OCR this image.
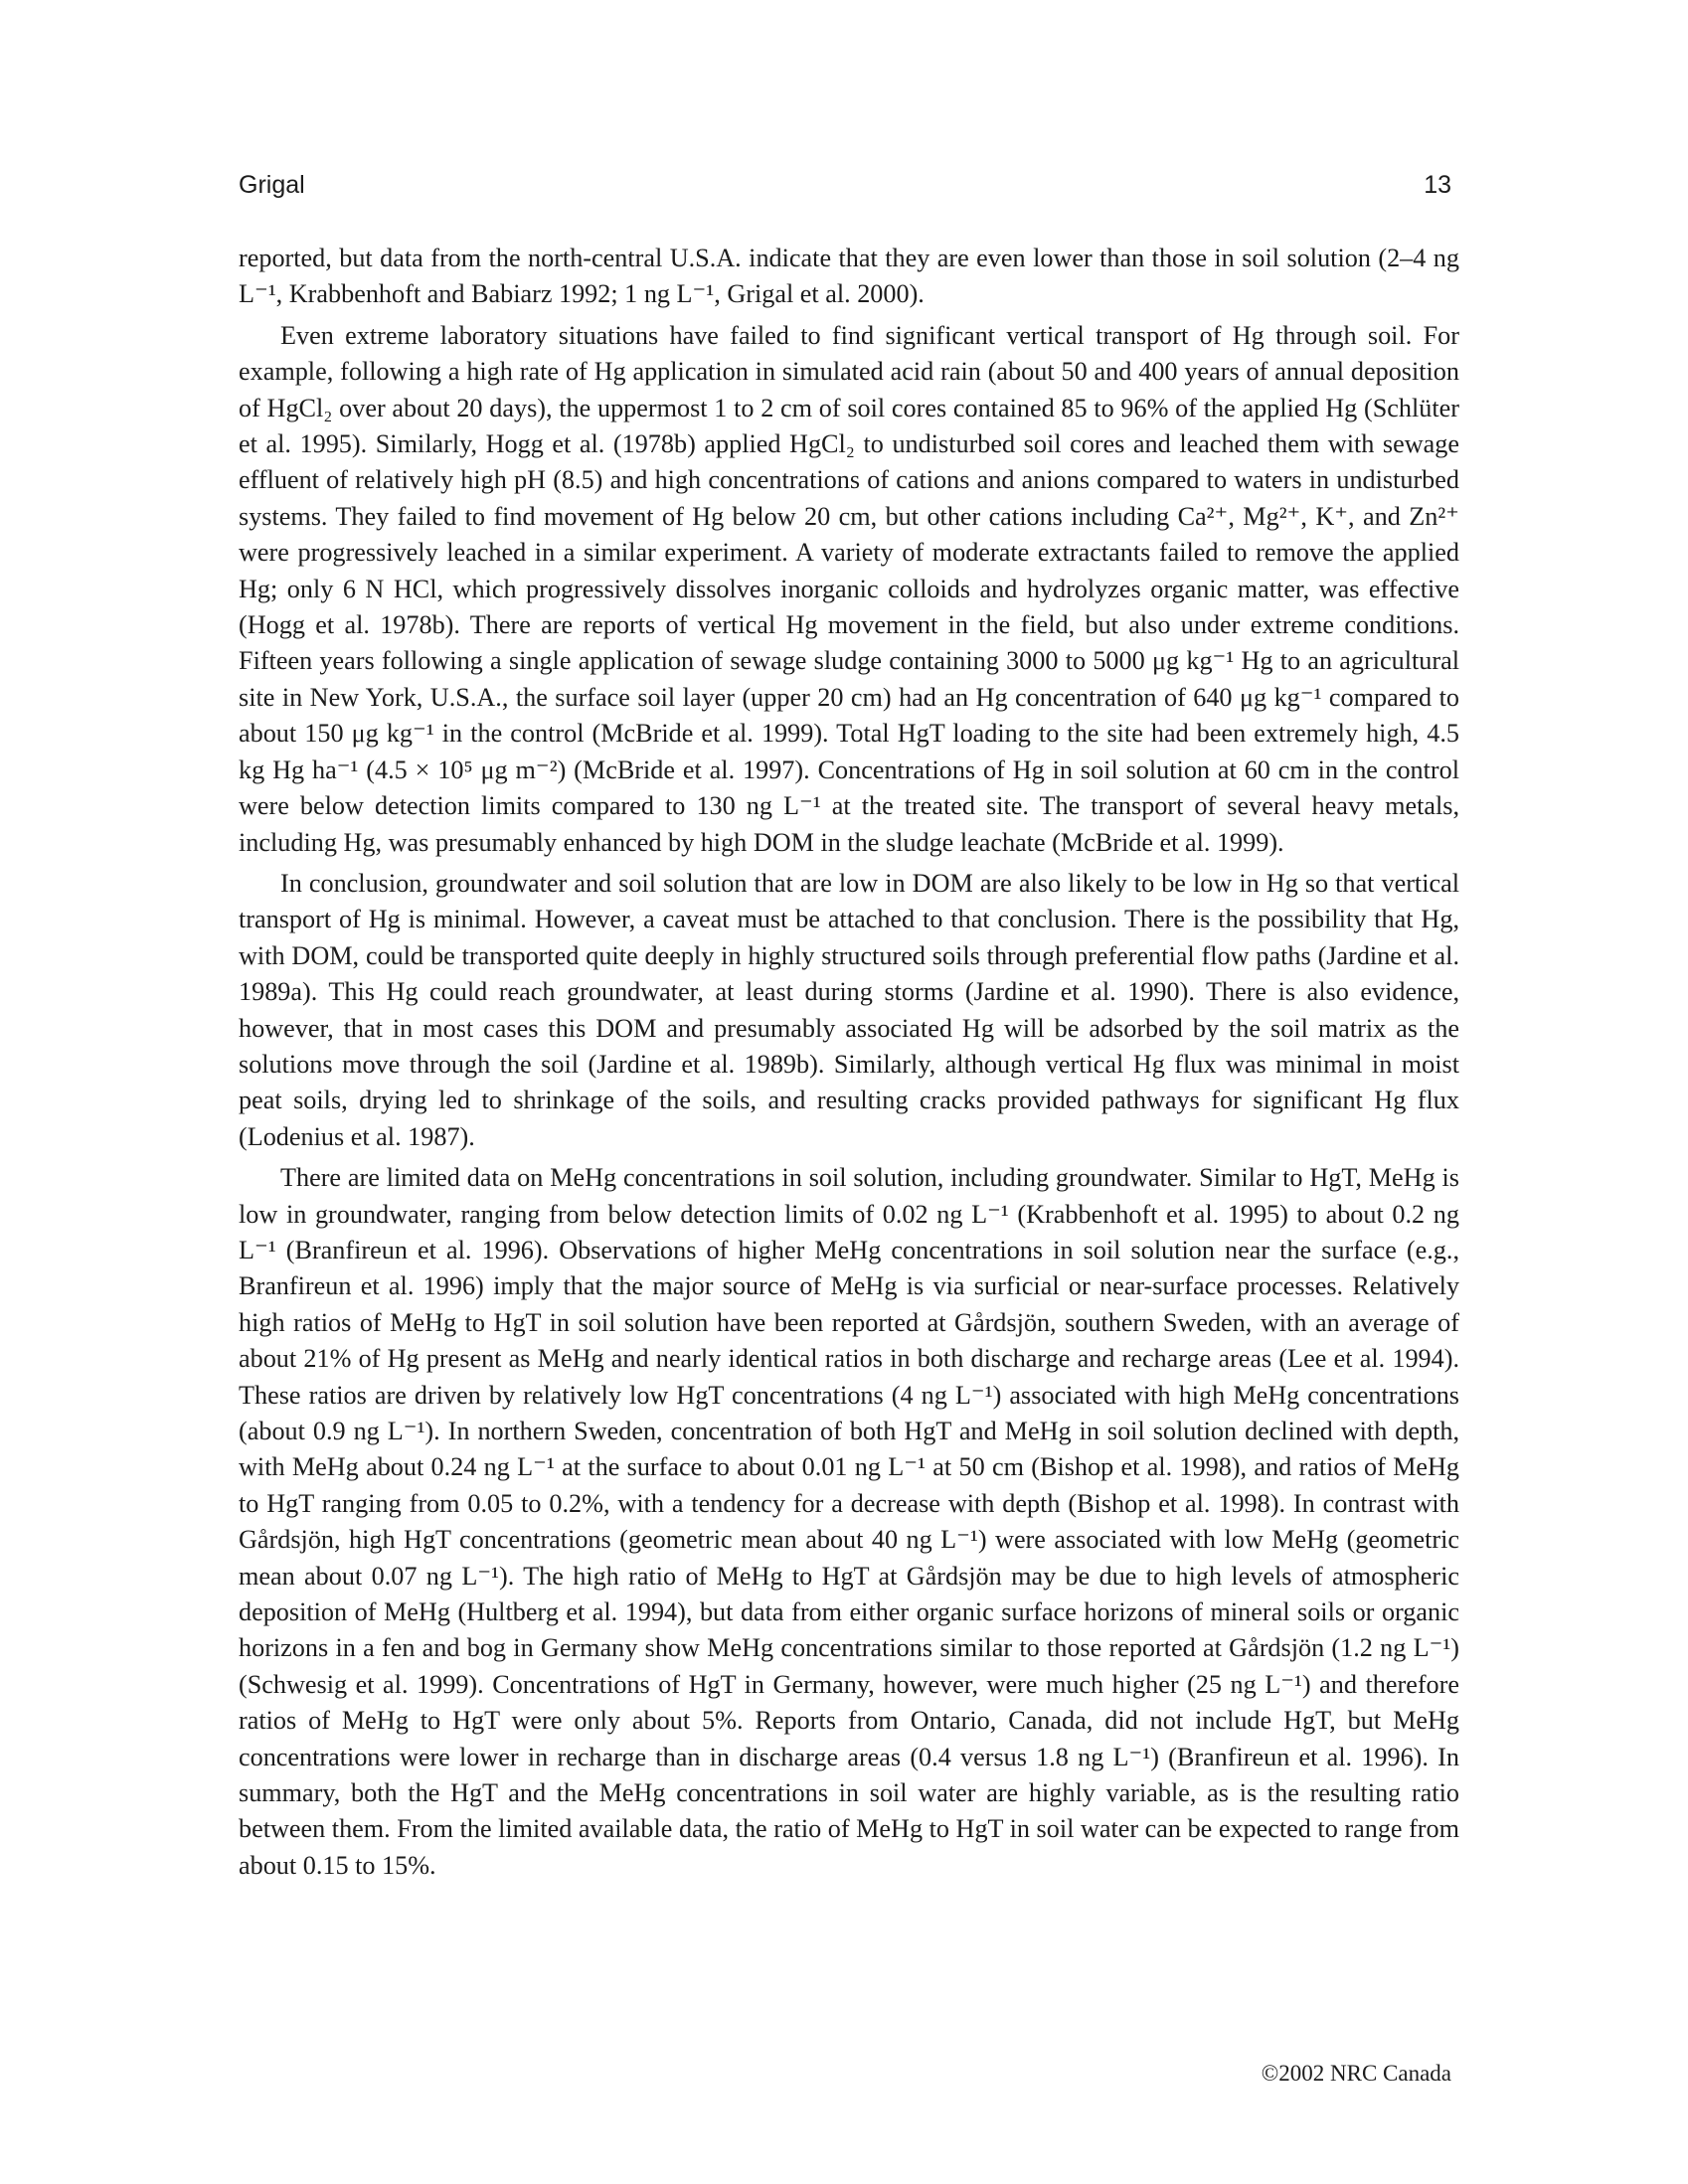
Grigal	13

reported, but data from the north-central U.S.A. indicate that they are even lower than those in soil solution (2–4 ng L⁻¹, Krabbenhoft and Babiarz 1992; 1 ng L⁻¹, Grigal et al. 2000).

Even extreme laboratory situations have failed to find significant vertical transport of Hg through soil. For example, following a high rate of Hg application in simulated acid rain (about 50 and 400 years of annual deposition of HgCl₂ over about 20 days), the uppermost 1 to 2 cm of soil cores contained 85 to 96% of the applied Hg (Schlüter et al. 1995). Similarly, Hogg et al. (1978b) applied HgCl₂ to undisturbed soil cores and leached them with sewage effluent of relatively high pH (8.5) and high concentrations of cations and anions compared to waters in undisturbed systems. They failed to find movement of Hg below 20 cm, but other cations including Ca²⁺, Mg²⁺, K⁺, and Zn²⁺ were progressively leached in a similar experiment. A variety of moderate extractants failed to remove the applied Hg; only 6 N HCl, which progressively dissolves inorganic colloids and hydrolyzes organic matter, was effective (Hogg et al. 1978b). There are reports of vertical Hg movement in the field, but also under extreme conditions. Fifteen years following a single application of sewage sludge containing 3000 to 5000 μg kg⁻¹ Hg to an agricultural site in New York, U.S.A., the surface soil layer (upper 20 cm) had an Hg concentration of 640 μg kg⁻¹ compared to about 150 μg kg⁻¹ in the control (McBride et al. 1999). Total HgT loading to the site had been extremely high, 4.5 kg Hg ha⁻¹ (4.5 × 10⁵ μg m⁻²) (McBride et al. 1997). Concentrations of Hg in soil solution at 60 cm in the control were below detection limits compared to 130 ng L⁻¹ at the treated site. The transport of several heavy metals, including Hg, was presumably enhanced by high DOM in the sludge leachate (McBride et al. 1999).

In conclusion, groundwater and soil solution that are low in DOM are also likely to be low in Hg so that vertical transport of Hg is minimal. However, a caveat must be attached to that conclusion. There is the possibility that Hg, with DOM, could be transported quite deeply in highly structured soils through preferential flow paths (Jardine et al. 1989a). This Hg could reach groundwater, at least during storms (Jardine et al. 1990). There is also evidence, however, that in most cases this DOM and presumably associated Hg will be adsorbed by the soil matrix as the solutions move through the soil (Jardine et al. 1989b). Similarly, although vertical Hg flux was minimal in moist peat soils, drying led to shrinkage of the soils, and resulting cracks provided pathways for significant Hg flux (Lodenius et al. 1987).

There are limited data on MeHg concentrations in soil solution, including groundwater. Similar to HgT, MeHg is low in groundwater, ranging from below detection limits of 0.02 ng L⁻¹ (Krabbenhoft et al. 1995) to about 0.2 ng L⁻¹ (Branfireun et al. 1996). Observations of higher MeHg concentrations in soil solution near the surface (e.g., Branfireun et al. 1996) imply that the major source of MeHg is via surficial or near-surface processes. Relatively high ratios of MeHg to HgT in soil solution have been reported at Gårdsjön, southern Sweden, with an average of about 21% of Hg present as MeHg and nearly identical ratios in both discharge and recharge areas (Lee et al. 1994). These ratios are driven by relatively low HgT concentrations (4 ng L⁻¹) associated with high MeHg concentrations (about 0.9 ng L⁻¹). In northern Sweden, concentration of both HgT and MeHg in soil solution declined with depth, with MeHg about 0.24 ng L⁻¹ at the surface to about 0.01 ng L⁻¹ at 50 cm (Bishop et al. 1998), and ratios of MeHg to HgT ranging from 0.05 to 0.2%, with a tendency for a decrease with depth (Bishop et al. 1998). In contrast with Gårdsjön, high HgT concentrations (geometric mean about 40 ng L⁻¹) were associated with low MeHg (geometric mean about 0.07 ng L⁻¹). The high ratio of MeHg to HgT at Gårdsjön may be due to high levels of atmospheric deposition of MeHg (Hultberg et al. 1994), but data from either organic surface horizons of mineral soils or organic horizons in a fen and bog in Germany show MeHg concentrations similar to those reported at Gårdsjön (1.2 ng L⁻¹) (Schwesig et al. 1999). Concentrations of HgT in Germany, however, were much higher (25 ng L⁻¹) and therefore ratios of MeHg to HgT were only about 5%. Reports from Ontario, Canada, did not include HgT, but MeHg concentrations were lower in recharge than in discharge areas (0.4 versus 1.8 ng L⁻¹) (Branfireun et al. 1996). In summary, both the HgT and the MeHg concentrations in soil water are highly variable, as is the resulting ratio between them. From the limited available data, the ratio of MeHg to HgT in soil water can be expected to range from about 0.15 to 15%.

©2002 NRC Canada
